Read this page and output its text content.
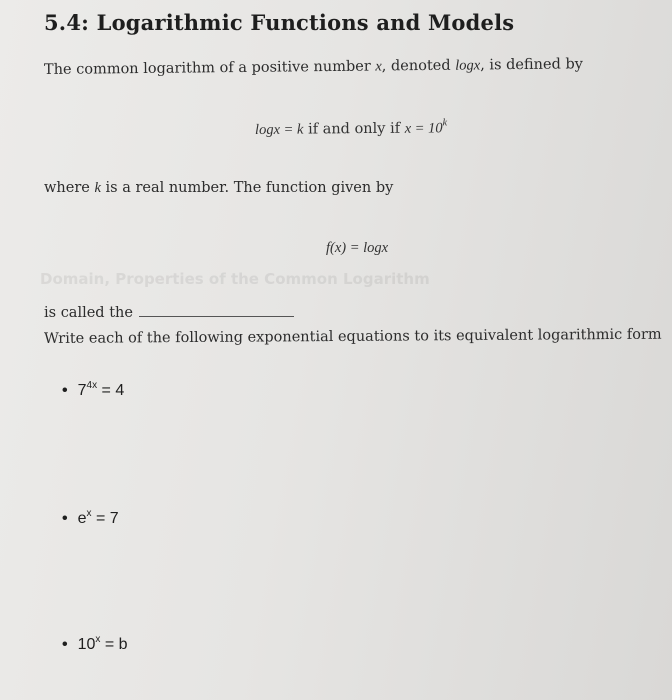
5.4: Logarithmic Functions and Models
The common logarithm of a positive number x, denoted logx, is defined by
logx = k if and only if $x = 10^k$
where k is a real number. The function given by
f(x) = logx
Domain, Properties of the Common Logarithm
is called the
Write each of the following exponential equations to its equivalent logarithmic form
• $7^{4x} = 4$
• $e^x = 7$
• $10^x = b$
